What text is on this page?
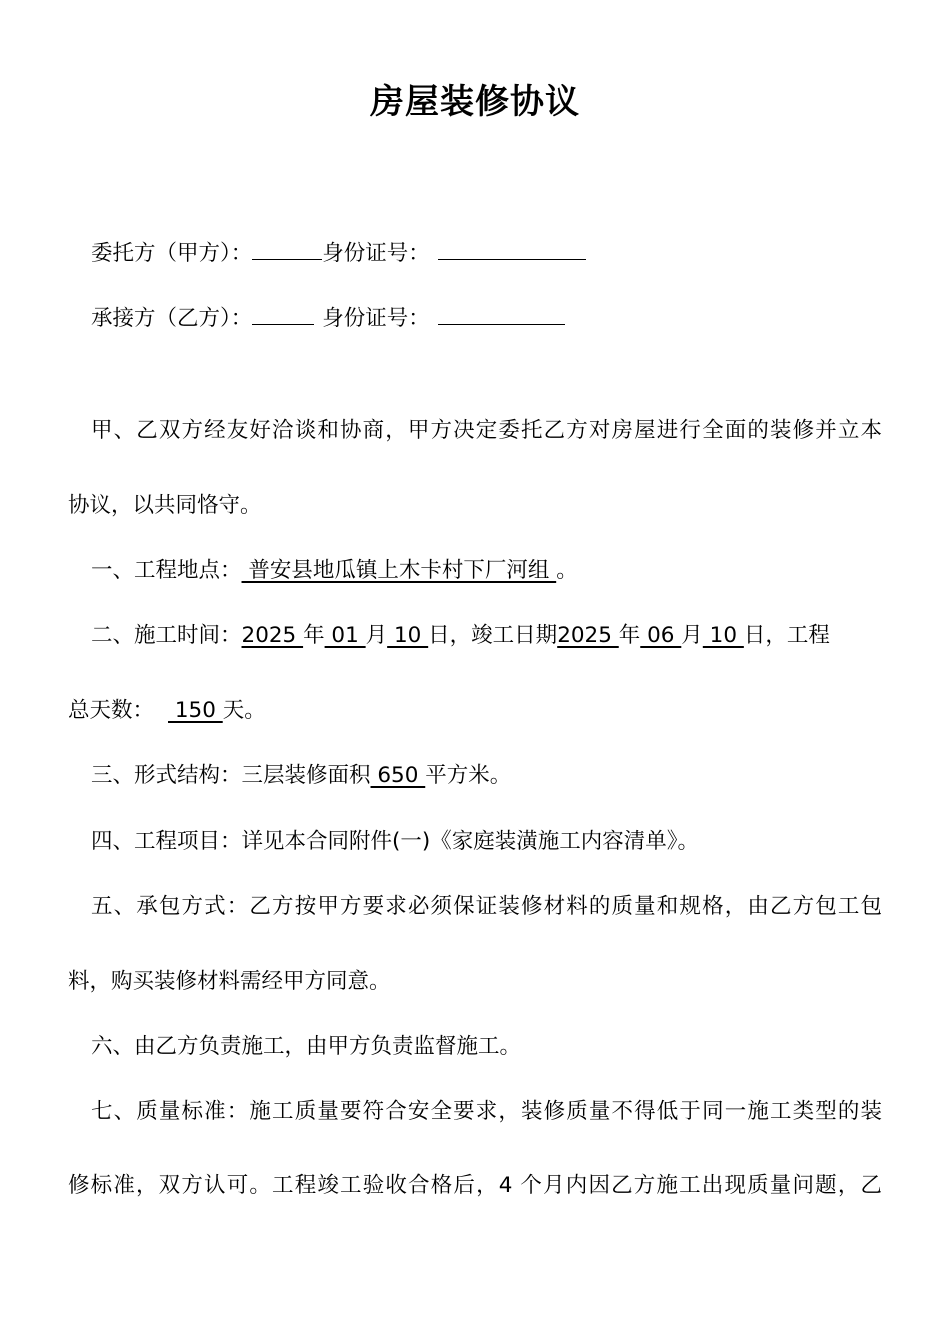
房屋装修协议
委托方（甲方）：	身份证号：
承接方（乙方）：	身份证号：
甲、乙双方经友好洽谈和协商，甲方决定委托乙方对房屋进行全面的装修并立本
协议，以共同恪守。
一、工程地点： 普安县地瓜镇上木卡村下厂河组 。
二、施工时间：2025 年 01 月 10 日，竣工日期2025 年 06 月 10 日，工程
总天数： 150 天。
三、形式结构：三层装修面积 650 平方米。
四、工程项目：详见本合同附件(一)《家庭装潢施工内容清单》。
五、承包方式：乙方按甲方要求必须保证装修材料的质量和规格，由乙方包工包
料，购买装修材料需经甲方同意。
六、由乙方负责施工，由甲方负责监督施工。
七、质量标准：施工质量要符合安全要求，装修质量不得低于同一施工类型的装
修标准，双方认可。工程竣工验收合格后，4 个月内因乙方施工出现质量问题，乙
